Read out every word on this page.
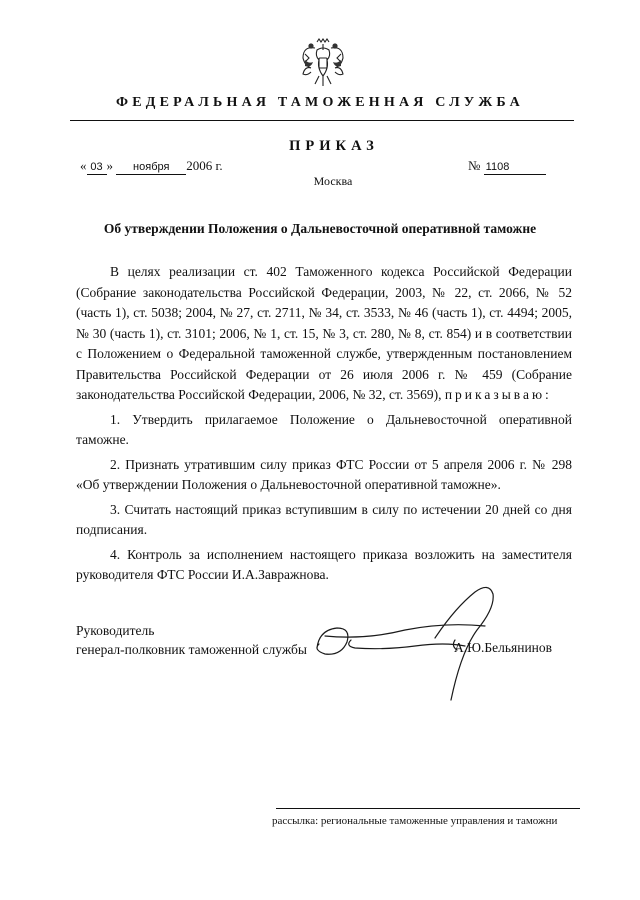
ФЕДЕРАЛЬНАЯ ТАМОЖЕННАЯ СЛУЖБА
ПРИКАЗ
« 03 » ноября 2006 г.	№ 1108
Москва
Об утверждении Положения о Дальневосточной оперативной таможне

В целях реализации ст. 402 Таможенного кодекса Российской Федерации (Собрание законодательства Российской Федерации, 2003, № 22, ст. 2066, № 52 (часть 1), ст. 5038; 2004, № 27, ст. 2711, № 34, ст. 3533, № 46 (часть 1), ст. 4494; 2005, № 30 (часть 1), ст. 3101; 2006, № 1, ст. 15, № 3, ст. 280, № 8, ст. 854) и в соответствии с Положением о Федеральной таможенной службе, утвержденным постановлением Правительства Российской Федерации от 26 июля 2006 г. № 459 (Собрание законодательства Российской Федерации, 2006, № 32, ст. 3569), приказываю:

1. Утвердить прилагаемое Положение о Дальневосточной оперативной таможне.

2. Признать утратившим силу приказ ФТС России от 5 апреля 2006 г. № 298 «Об утверждении Положения о Дальневосточной оперативной таможне».

3. Считать настоящий приказ вступившим в силу по истечении 20 дней со дня подписания.

4. Контроль за исполнением настоящего приказа возложить на заместителя руководителя ФТС России И.А.Завражнова.

Руководитель
генерал-полковник таможенной службы	А.Ю.Бельянинов
рассылка: региональные таможенные управления и таможни
